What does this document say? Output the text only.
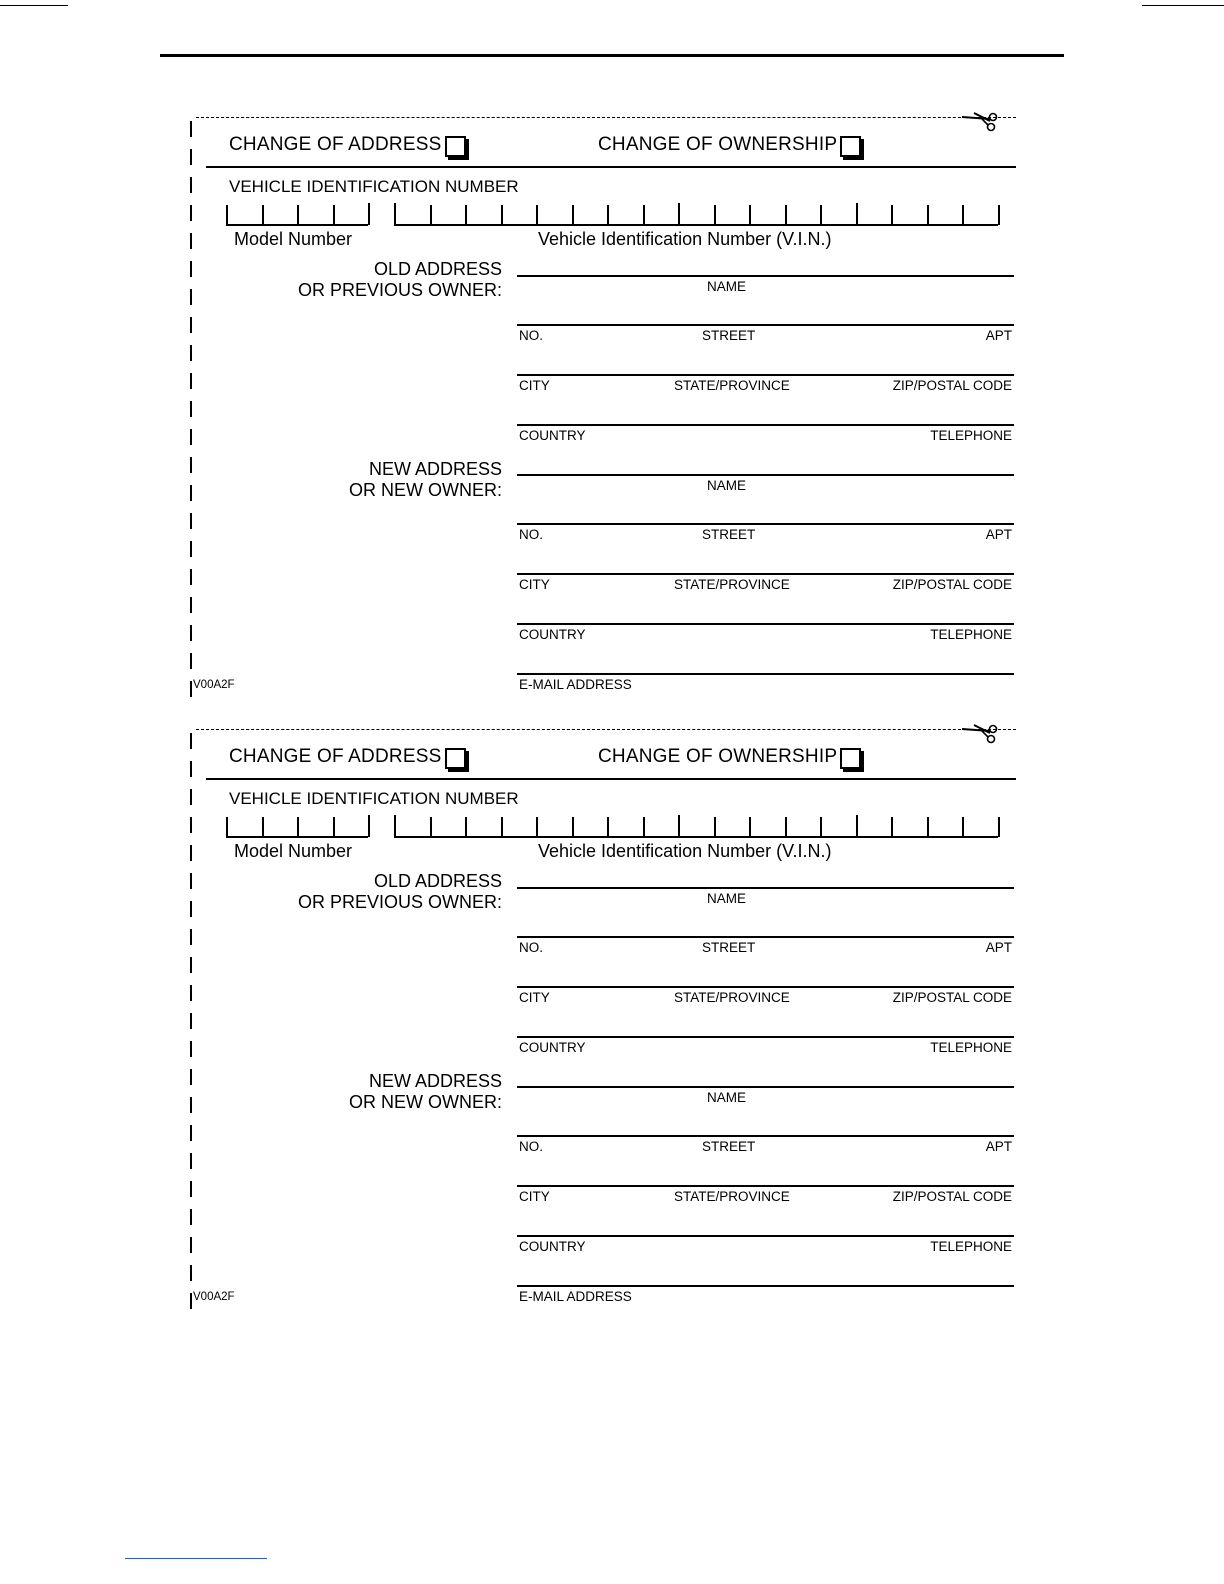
CHANGE OF ADDRESS	CHANGE OF OWNERSHIP
VEHICLE IDENTIFICATION NUMBER
Model Number	Vehicle Identification Number (V.I.N.)
OLD ADDRESS
OR PREVIOUS OWNER:	NAME
NO.	STREET	APT
CITY	STATE/PROVINCE	ZIP/POSTAL CODE
COUNTRY	TELEPHONE
NEW ADDRESS
OR NEW OWNER:	NAME
NO.	STREET	APT
CITY	STATE/PROVINCE	ZIP/POSTAL CODE
COUNTRY	TELEPHONE
E-MAIL ADDRESS
V00A2F
CHANGE OF ADDRESS	CHANGE OF OWNERSHIP
VEHICLE IDENTIFICATION NUMBER
Model Number	Vehicle Identification Number (V.I.N.)
OLD ADDRESS
OR PREVIOUS OWNER:	NAME
NO.	STREET	APT
CITY	STATE/PROVINCE	ZIP/POSTAL CODE
COUNTRY	TELEPHONE
NEW ADDRESS
OR NEW OWNER:	NAME
NO.	STREET	APT
CITY	STATE/PROVINCE	ZIP/POSTAL CODE
COUNTRY	TELEPHONE
E-MAIL ADDRESS
V00A2F
